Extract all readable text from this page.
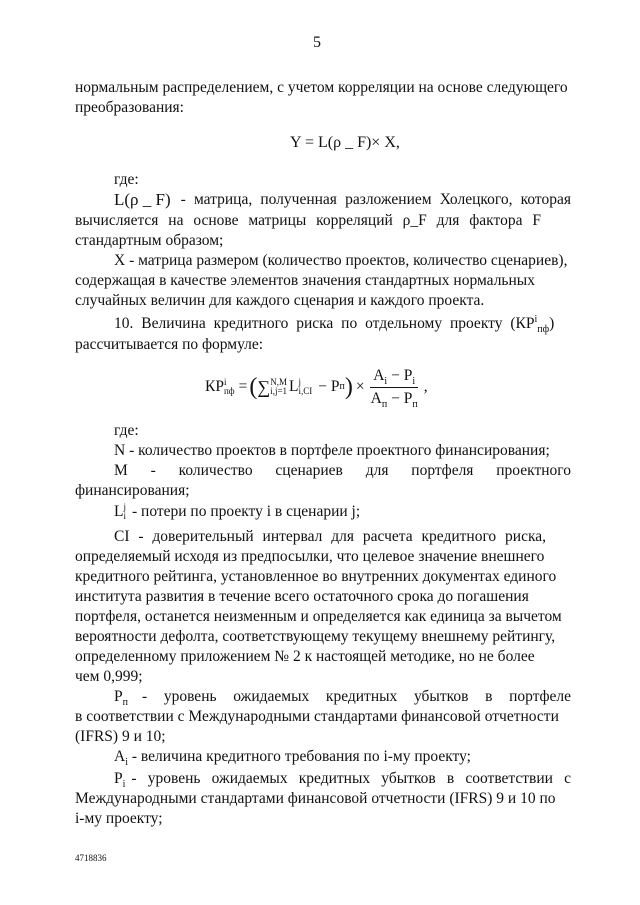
5
нормальным распределением, с учетом корреляции на основе следующего
преобразования:
Y = L(ρ _ F)× X,
где:
L(ρ _ F) - матрица, полученная разложением Холецкого, которая
вычисляется на основе матрицы корреляций ρ_F для фактора F
стандартным образом;
X - матрица размером (количество проектов, количество сценариев),
содержащая в качестве элементов значения стандартных нормальных
случайных величин для каждого сценария и каждого проекта.
10. Величина кредитного риска по отдельному проекту $(КР^i_{пф})$
рассчитывается по формуле:
КР i
пф = ( ∑ N,M
i,j=1 L j
i,CI − P п ) × $\frac{A_i - P_i}{A_п - P_п}$ ,
где:
N - количество проектов в портфеле проектного финансирования;
M - количество сценариев для портфеля проектного
финансирования;
L j
i - потери по проекту i в сценарии j;
CI - доверительный интервал для расчета кредитного риска,
определяемый исходя из предпосылки, что целевое значение внешнего
кредитного рейтинга, установленное во внутренних документах единого
института развития в течение всего остаточного срока до погашения
портфеля, останется неизменным и определяется как единица за вычетом
вероятности дефолта, соответствующему текущему внешнему рейтингу,
определенному приложением № 2 к настоящей методике, но не более
чем 0,999;
$P_п$ - уровень ожидаемых кредитных убытков в портфеле
в соответствии с Международными стандартами финансовой отчетности
(IFRS) 9 и 10;
$A_i$ - величина кредитного требования по i-му проекту;
$P_i$ - уровень ожидаемых кредитных убытков в соответствии с
Международными стандартами финансовой отчетности (IFRS) 9 и 10 по
i-му проекту;
4718836
